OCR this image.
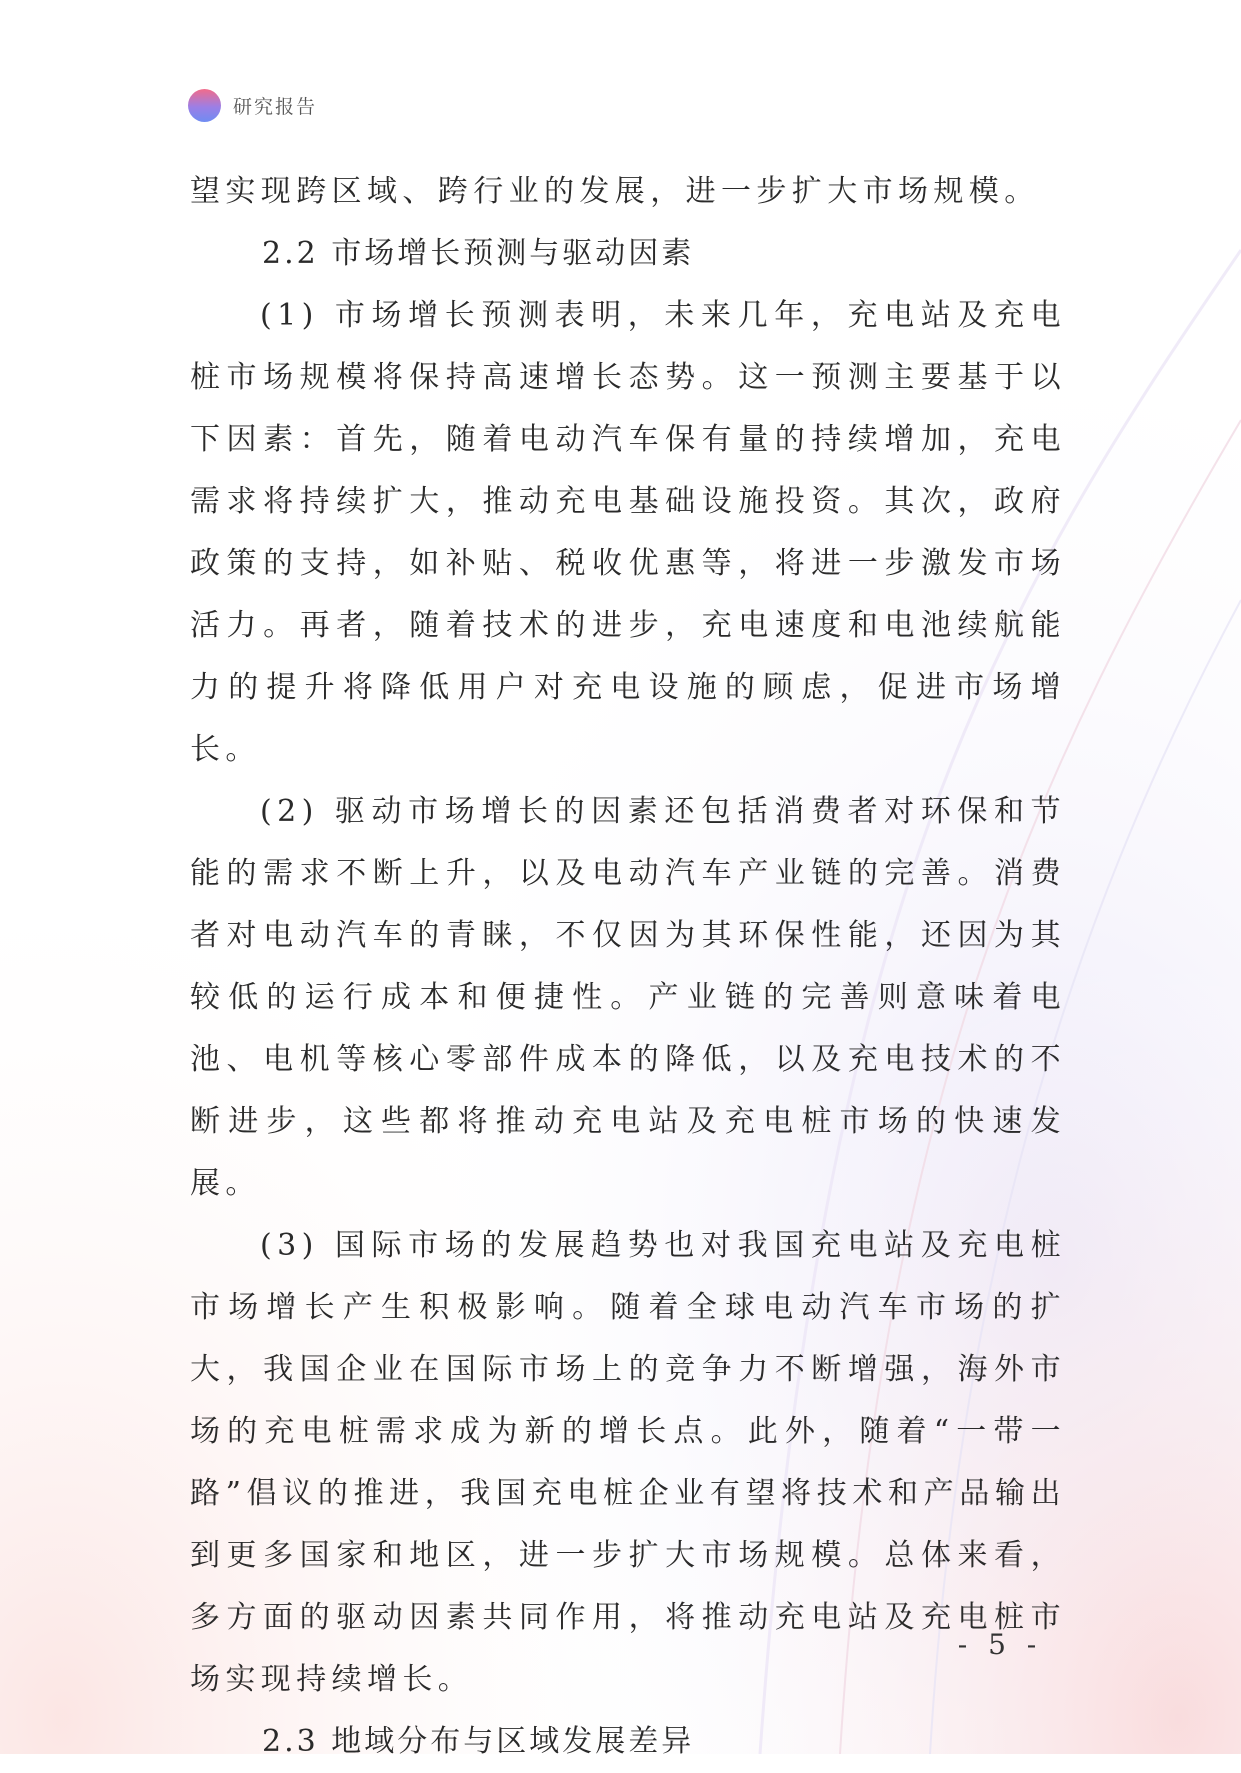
研究报告

望实现跨区域、跨行业的发展，进一步扩大市场规模。

2.2 市场增长预测与驱动因素

(1) 市场增长预测表明，未来几年，充电站及充电桩市场规模将保持高速增长态势。这一预测主要基于以下因素：首先，随着电动汽车保有量的持续增加，充电需求将持续扩大，推动充电基础设施投资。其次，政府政策的支持，如补贴、税收优惠等，将进一步激发市场活力。再者，随着技术的进步，充电速度和电池续航能力的提升将降低用户对充电设施的顾虑，促进市场增长。

(2) 驱动市场增长的因素还包括消费者对环保和节能的需求不断上升，以及电动汽车产业链的完善。消费者对电动汽车的青睐，不仅因为其环保性能，还因为其较低的运行成本和便捷性。产业链的完善则意味着电池、电机等核心零部件成本的降低，以及充电技术的不断进步，这些都将推动充电站及充电桩市场的快速发展。

(3) 国际市场的发展趋势也对我国充电站及充电桩市场增长产生积极影响。随着全球电动汽车市场的扩大，我国企业在国际市场上的竞争力不断增强，海外市场的充电桩需求成为新的增长点。此外，随着“一带一路”倡议的推进，我国充电桩企业有望将技术和产品输出到更多国家和地区，进一步扩大市场规模。总体来看，多方面的驱动因素共同作用，将推动充电站及充电桩市场实现持续增长。

2.3 地域分布与区域发展差异
- 5 -
